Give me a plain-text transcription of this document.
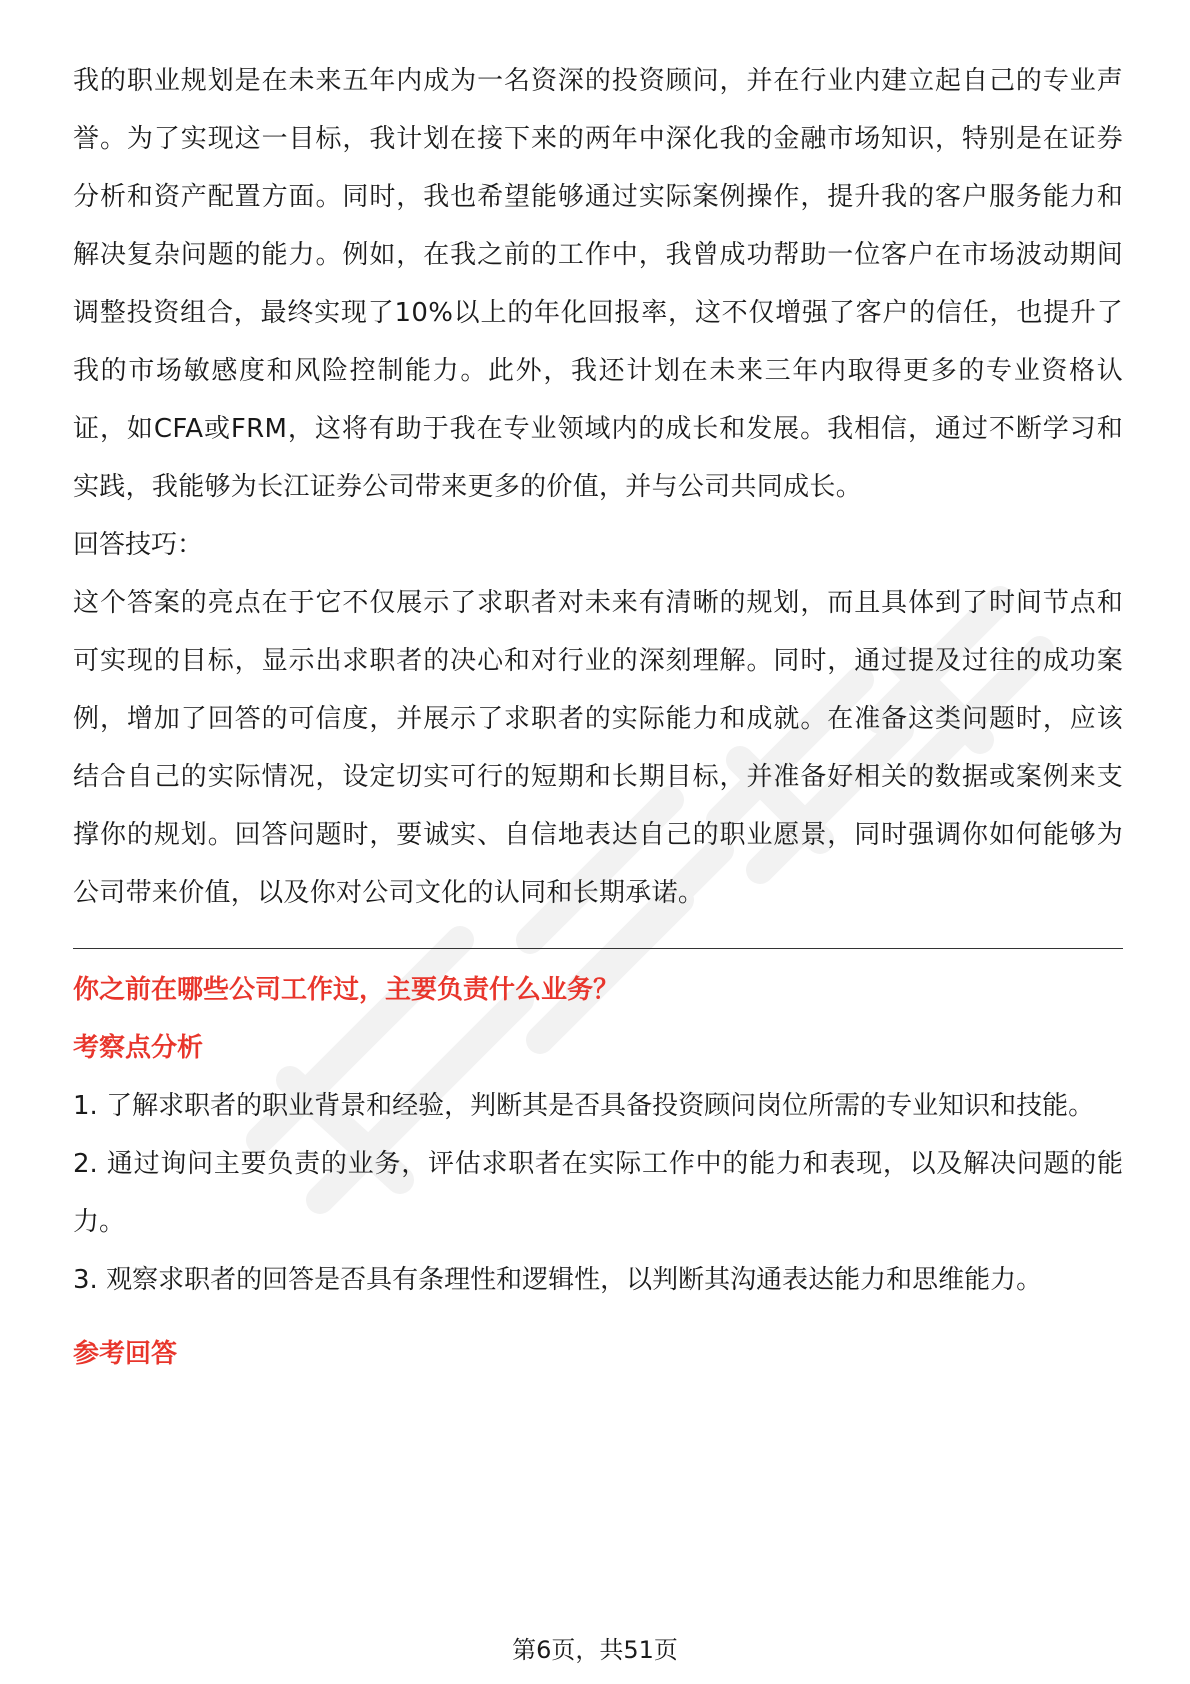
我的职业规划是在未来五年内成为一名资深的投资顾问，并在行业内建立起自己的专业声誉。为了实现这一目标，我计划在接下来的两年中深化我的金融市场知识，特别是在证券分析和资产配置方面。同时，我也希望能够通过实际案例操作，提升我的客户服务能力和解决复杂问题的能力。例如，在我之前的工作中，我曾成功帮助一位客户在市场波动期间调整投资组合，最终实现了10%以上的年化回报率，这不仅增强了客户的信任，也提升了我的市场敏感度和风险控制能力。此外，我还计划在未来三年内取得更多的专业资格认证，如CFA或FRM，这将有助于我在专业领域内的成长和发展。我相信，通过不断学习和实践，我能够为长江证券公司带来更多的价值，并与公司共同成长。

回答技巧：

这个答案的亮点在于它不仅展示了求职者对未来有清晰的规划，而且具体到了时间节点和可实现的目标，显示出求职者的决心和对行业的深刻理解。同时，通过提及过往的成功案例，增加了回答的可信度，并展示了求职者的实际能力和成就。在准备这类问题时，应该结合自己的实际情况，设定切实可行的短期和长期目标，并准备好相关的数据或案例来支撑你的规划。回答问题时，要诚实、自信地表达自己的职业愿景，同时强调你如何能够为公司带来价值，以及你对公司文化的认同和长期承诺。

你之前在哪些公司工作过，主要负责什么业务？

考察点分析

1. 了解求职者的职业背景和经验，判断其是否具备投资顾问岗位所需的专业知识和技能。

2. 通过询问主要负责的业务，评估求职者在实际工作中的能力和表现，以及解决问题的能力。

3. 观察求职者的回答是否具有条理性和逻辑性，以判断其沟通表达能力和思维能力。

参考回答

第6页，共51页
